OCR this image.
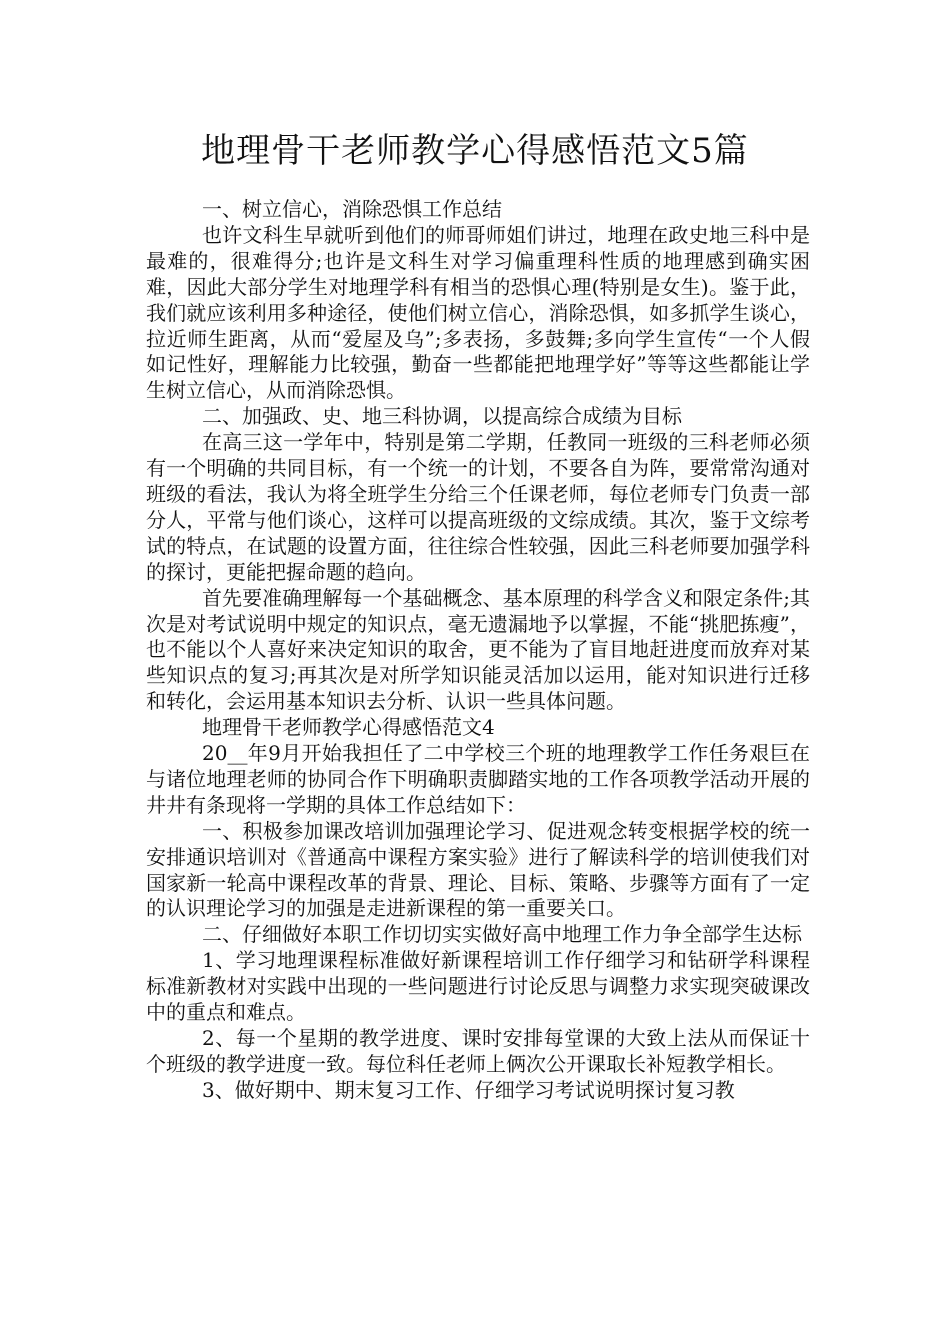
地理骨干老师教学心得感悟范文5篇

一、树立信心，消除恐惧工作总结

也许文科生早就听到他们的师哥师姐们讲过，地理在政史地三科中是最难的，很难得分;也许是文科生对学习偏重理科性质的地理感到确实困难，因此大部分学生对地理学科有相当的恐惧心理(特别是女生)。鉴于此，我们就应该利用多种途径，使他们树立信心，消除恐惧，如多抓学生谈心，拉近师生距离，从而“爱屋及乌”;多表扬，多鼓舞;多向学生宣传“一个人假如记性好，理解能力比较强，勤奋一些都能把地理学好”等等这些都能让学生树立信心，从而消除恐惧。

二、加强政、史、地三科协调，以提高综合成绩为目标

在高三这一学年中，特别是第二学期，任教同一班级的三科老师必须有一个明确的共同目标，有一个统一的计划，不要各自为阵，要常常沟通对班级的看法，我认为将全班学生分给三个任课老师，每位老师专门负责一部分人，平常与他们谈心，这样可以提高班级的文综成绩。其次，鉴于文综考试的特点，在试题的设置方面，往往综合性较强，因此三科老师要加强学科的探讨，更能把握命题的趋向。

首先要准确理解每一个基础概念、基本原理的科学含义和限定条件;其次是对考试说明中规定的知识点，毫无遗漏地予以掌握，不能“挑肥拣瘦”，也不能以个人喜好来决定知识的取舍，更不能为了盲目地赶进度而放弃对某些知识点的复习;再其次是对所学知识能灵活加以运用，能对知识进行迁移和转化，会运用基本知识去分析、认识一些具体问题。

地理骨干老师教学心得感悟范文4

20__年9月开始我担任了二中学校三个班的地理教学工作任务艰巨在与诸位地理老师的协同合作下明确职责脚踏实地的工作各项教学活动开展的井井有条现将一学期的具体工作总结如下：

一、积极参加课改培训加强理论学习、促进观念转变根据学校的统一安排通识培训对《普通高中课程方案实验》进行了解读科学的培训使我们对国家新一轮高中课程改革的背景、理论、目标、策略、步骤等方面有了一定的认识理论学习的加强是走进新课程的第一重要关口。

二、仔细做好本职工作切切实实做好高中地理工作力争全部学生达标

1、学习地理课程标准做好新课程培训工作仔细学习和钻研学科课程标准新教材对实践中出现的一些问题进行讨论反思与调整力求实现突破课改中的重点和难点。

2、每一个星期的教学进度、课时安排每堂课的大致上法从而保证十个班级的教学进度一致。每位科任老师上俩次公开课取长补短教学相长。

3、做好期中、期末复习工作、仔细学习考试说明探讨复习教
